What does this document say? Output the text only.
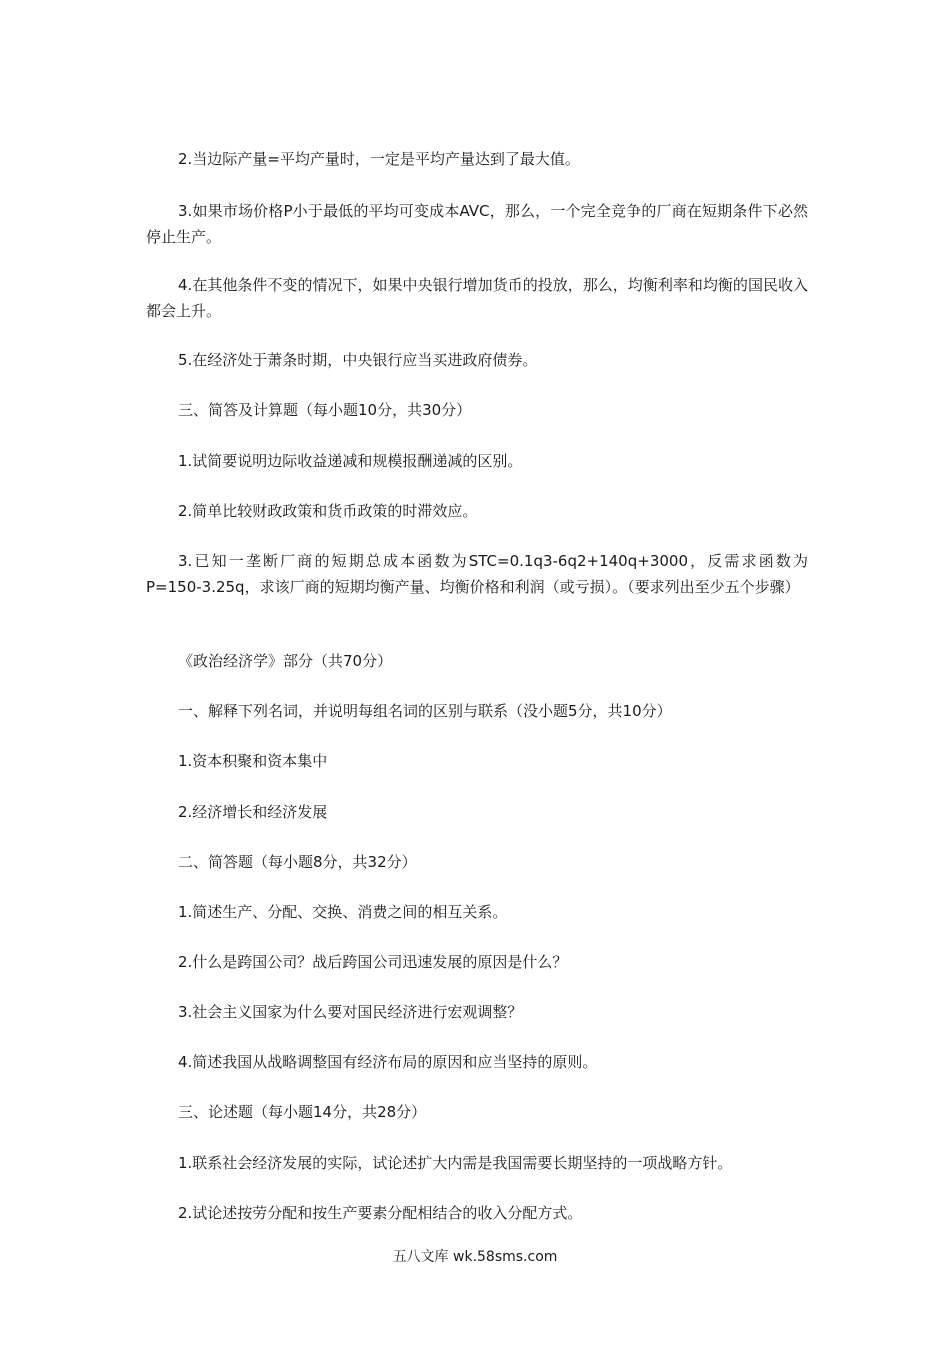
2.当边际产量=平均产量时，一定是平均产量达到了最大值。

3.如果市场价格P小于最低的平均可变成本AVC，那么，一个完全竞争的厂商在短期条件下必然停止生产。

4.在其他条件不变的情况下，如果中央银行增加货币的投放，那么，均衡利率和均衡的国民收入都会上升。

5.在经济处于萧条时期，中央银行应当买进政府债券。

三、简答及计算题（每小题10分，共30分）

1.试简要说明边际收益递减和规模报酬递减的区别。

2.简单比较财政政策和货币政策的时滞效应。

3.已知一垄断厂商的短期总成本函数为STC=0.1q3-6q2+140q+3000，反需求函数为P=150-3.25q，求该厂商的短期均衡产量、均衡价格和利润（或亏损）。（要求列出至少五个步骤）

《政治经济学》部分（共70分）

一、解释下列名词，并说明每组名词的区别与联系（没小题5分，共10分）

1.资本积聚和资本集中

2.经济增长和经济发展

二、简答题（每小题8分，共32分）

1.简述生产、分配、交换、消费之间的相互关系。

2.什么是跨国公司？战后跨国公司迅速发展的原因是什么？

3.社会主义国家为什么要对国民经济进行宏观调整？

4.简述我国从战略调整国有经济布局的原因和应当坚持的原则。

三、论述题（每小题14分，共28分）

1.联系社会经济发展的实际，试论述扩大内需是我国需要长期坚持的一项战略方针。

2.试论述按劳分配和按生产要素分配相结合的收入分配方式。

五八文库 wk.58sms.com
